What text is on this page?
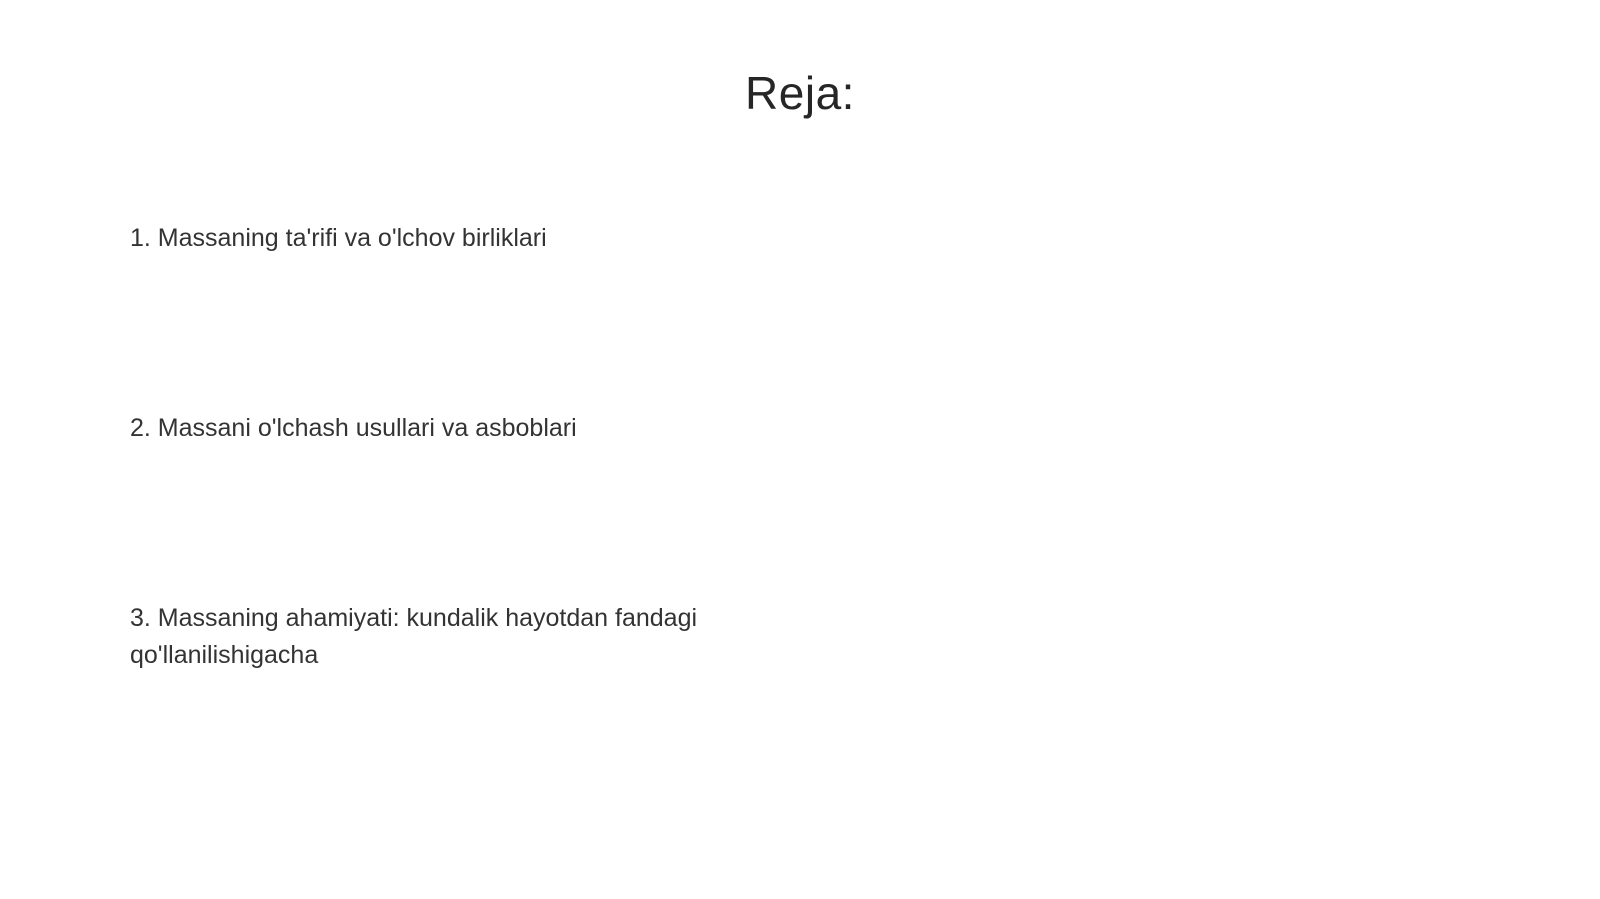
Reja:

1. Massaning ta'rifi va o'lchov birliklari

2. Massani o'lchash usullari va asboblari

3. Massaning ahamiyati: kundalik hayotdan fandagi qo'llanilishigacha
